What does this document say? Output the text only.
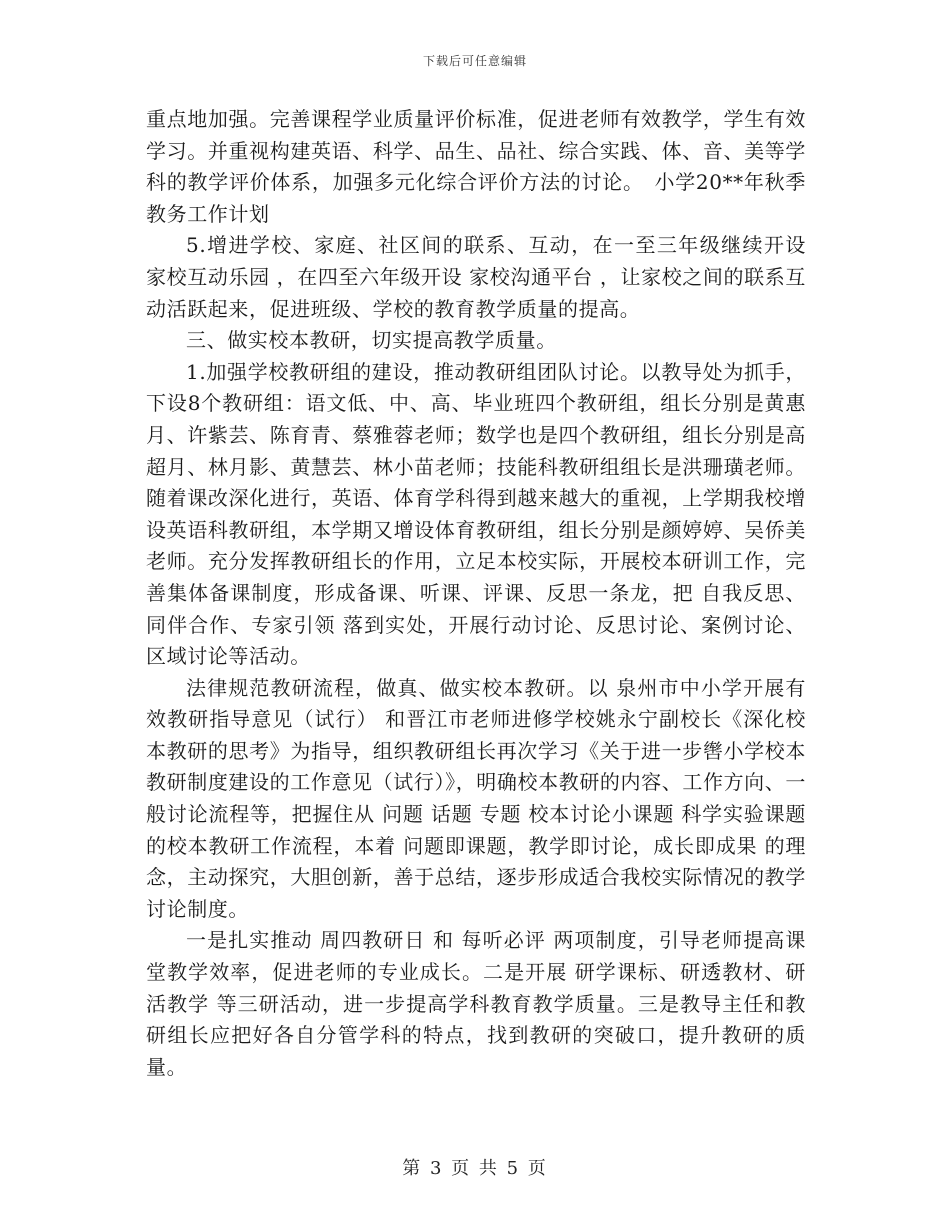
下载后可任意编辑

重点地加强。完善课程学业质量评价标准，促进老师有效教学，学生有效学习。并重视构建英语、科学、品生、品社、综合实践、体、音、美等学科的教学评价体系，加强多元化综合评价方法的讨论。　小学20**年秋季教务工作计划

5.增进学校、家庭、社区间的联系、互动，在一至三年级继续开设 家校互动乐园 ，在四至六年级开设 家校沟通平台 ，让家校之间的联系互动活跃起来，促进班级、学校的教育教学质量的提高。

三、做实校本教研，切实提高教学质量。

1.加强学校教研组的建设，推动教研组团队讨论。以教导处为抓手，下设8个教研组：语文低、中、高、毕业班四个教研组，组长分别是黄惠月、许紫芸、陈育青、蔡雅蓉老师；数学也是四个教研组，组长分别是高超月、林月影、黄慧芸、林小苗老师；技能科教研组组长是洪珊璜老师。随着课改深化进行，英语、体育学科得到越来越大的重视，上学期我校增设英语科教研组，本学期又增设体育教研组，组长分别是颜婷婷、吴侨美老师。充分发挥教研组长的作用，立足本校实际，开展校本研训工作，完善集体备课制度，形成备课、听课、评课、反思一条龙，把 自我反思、同伴合作、专家引领 落到实处，开展行动讨论、反思讨论、案例讨论、区域讨论等活动。

法律规范教研流程，做真、做实校本教研。以 泉州市中小学开展有效教研指导意见（试行） 和晋江市老师进修学校姚永宁副校长《深化校本教研的思考》为指导，组织教研组长再次学习《关于进一步辔小学校本教研制度建设的工作意见（试行）》，明确校本教研的内容、工作方向、一般讨论流程等，把握住从 问题 话题 专题 校本讨论小课题 科学实验课题 的校本教研工作流程，本着 问题即课题，教学即讨论，成长即成果 的理念，主动探究，大胆创新，善于总结，逐步形成适合我校实际情况的教学讨论制度。

一是扎实推动 周四教研日 和 每听必评 两项制度，引导老师提高课堂教学效率，促进老师的专业成长。二是开展 研学课标、研透教材、研活教学 等三研活动，进一步提高学科教育教学质量。三是教导主任和教研组长应把好各自分管学科的特点，找到教研的突破口，提升教研的质量。

第 3 页 共 5 页
